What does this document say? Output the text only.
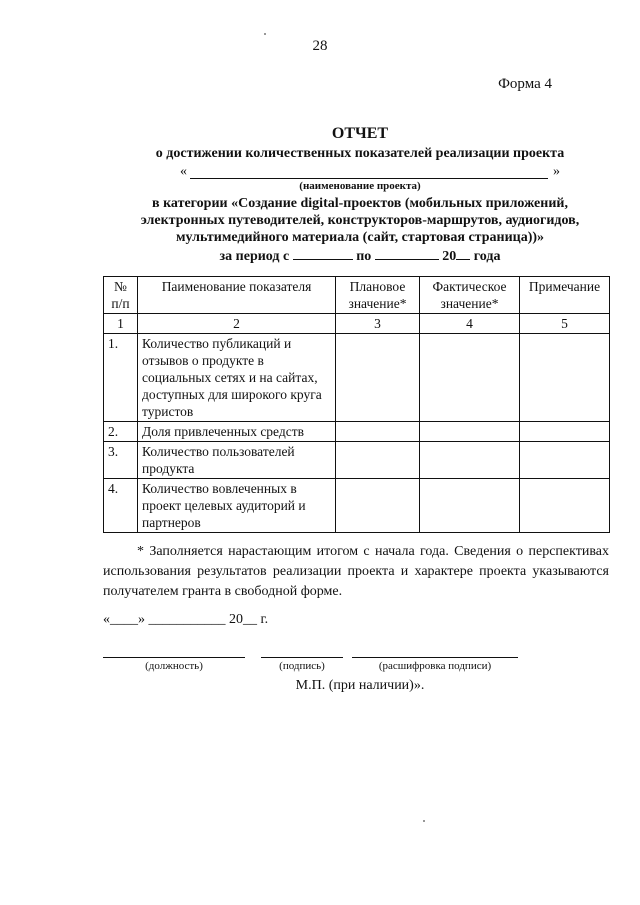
28
Форма 4
ОТЧЕТ
о достижении количественных показателей реализации проекта
«	»
(наименование проекта)
в категории «Создание digital-проектов (мобильных приложений,
электронных путеводителей, конструкторов-маршрутов, аудиогидов,
мультимедийного материала (сайт, стартовая страница))»
за период с	по	20 года
№ п/п	Паименование показателя	Плановое значение*	Фактическое значение*	Примечание
1	2	3	4	5
1.	Количество публикаций и отзывов о продукте в социальных сетях и на сайтах, доступных для широкого круга туристов			
2.	Доля привлеченных средств			
3.	Количество пользователей продукта			
4.	Количество вовлеченных в проект целевых аудиторий и партнеров			

* Заполняется нарастающим итогом с начала года. Сведения о перспективах использования результатов реализации проекта и характере проекта указываются получателем гранта в свободной форме.

«____» ___________ 20__ г.
(должность)	(подпись)	(расшифровка подписи)
М.П. (при наличии)».
